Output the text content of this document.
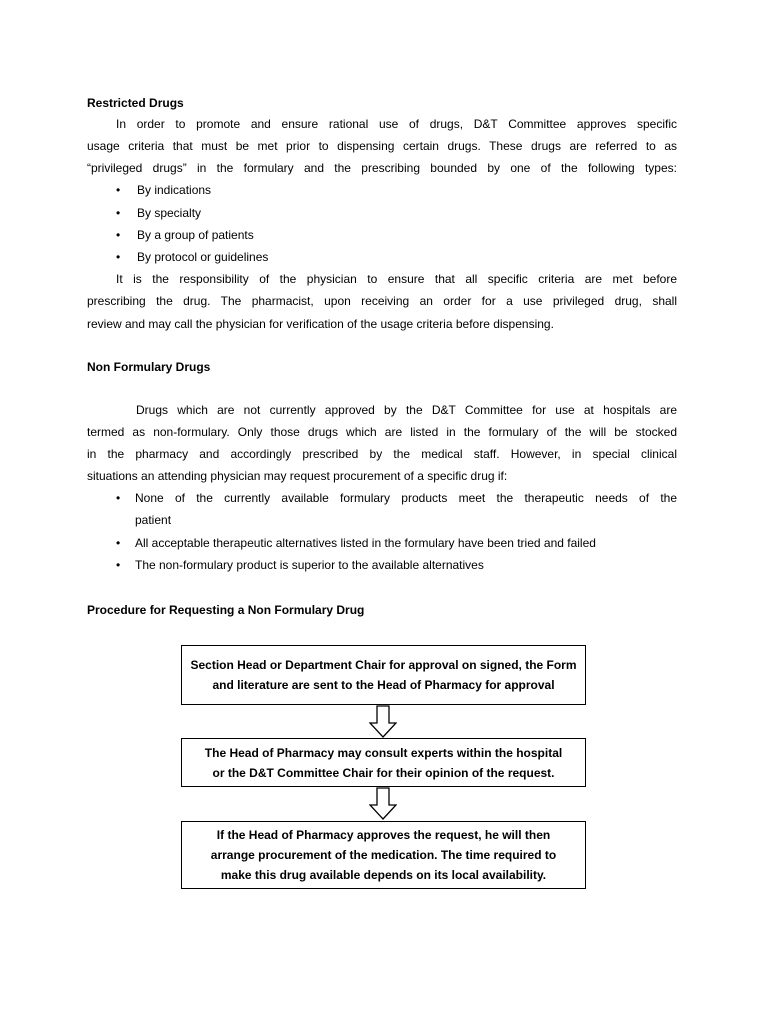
Restricted Drugs
In order to promote and ensure rational use of drugs, D&T Committee approves specific
usage criteria that must be met prior to dispensing certain drugs. These drugs are referred to as
“privileged drugs” in the formulary and the prescribing bounded by one of the following types:
• By indications
• By specialty
• By a group of patients
• By protocol or guidelines
It is the responsibility of the physician to ensure that all specific criteria are met before
prescribing the drug. The pharmacist, upon receiving an order for a use privileged drug, shall
review and may call the physician for verification of the usage criteria before dispensing.
Non Formulary Drugs
Drugs which are not currently approved by the D&T Committee for use at hospitals are
termed as non-formulary. Only those drugs which are listed in the formulary of the will be stocked
in the pharmacy and accordingly prescribed by the medical staff. However, in special clinical
situations an attending physician may request procurement of a specific drug if:
• None of the currently available formulary products meet the therapeutic needs of the
patient
• All acceptable therapeutic alternatives listed in the formulary have been tried and failed
• The non-formulary product is superior to the available alternatives
Procedure for Requesting a Non Formulary Drug
Section Head or Department Chair for approval on signed, the Form
and literature are sent to the Head of Pharmacy for approval
The Head of Pharmacy may consult experts within the hospital
or the D&T Committee Chair for their opinion of the request.
If the Head of Pharmacy approves the request, he will then
arrange procurement of the medication. The time required to
make this drug available depends on its local availability.
